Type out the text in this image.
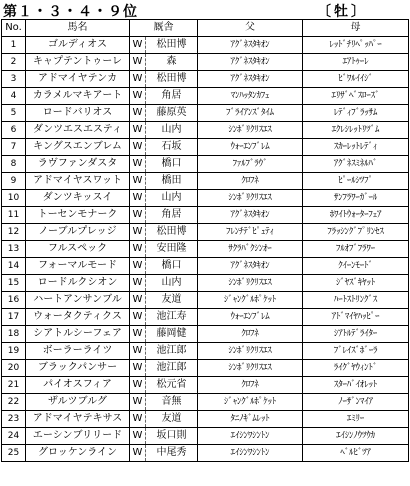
第１・３・４・９位	〔牡〕
No.	馬名	厩舎		父	母
1	ゴルディオス	W	松田博	ｱｸﾞﾈｽﾀｷｵﾝ	ﾚｯﾄﾞﾁﾘﾍﾟｯﾊﾟｰ
2	キャプテントゥーレ	W	森	ｱｸﾞﾈｽﾀｷｵﾝ	ｴｱﾄｩｰﾚ
3	アドマイヤテンカ	W	松田博	ｱｸﾞﾈｽﾀｷｵﾝ	ﾋﾞﾜﾙｲｲｼﾞ
4	カラメルマキアート	W	角居	ﾏﾝﾊｯﾀﾝｶﾌｪ	ｴﾘｻﾞﾍﾞｽﾛｰｽﾞ
5	ロードバリオス	W	藤原英	ﾌﾞﾗｲｱﾝｽﾞﾀｲﾑ	ﾚﾃﾞｨﾌﾞﾗｯｻﾑ
6	ダンツエスエスティ	W	山内	ｼﾝﾎﾞﾘｸﾘｽｴｽ	ｴｸﾚｼﾚｯﾄﾘﾂﾞﾑ
7	キングスエンブレム	W	石坂	ｳｫｰｴﾝﾌﾞﾚﾑ	ｽｶｰﾚｯﾄﾚﾃﾞｨ
8	ラヴファンダスタ	W	橋口	ﾌｧﾙﾌﾞﾗｳﾞ	ｱｸﾞﾈｽﾐﾈﾙﾊﾞ
9	アドマイヤスワット	W	橋田	ｸﾛﾌﾈ	ﾋﾟｰﾙｼﾂﾌﾟ
10	ダンツキッスイ	W	山内	ｼﾝﾎﾞﾘｸﾘｽｴｽ	ｻﾝﾌﾗﾜｰｶﾞｰﾙ
11	トーセンモナーク	W	角居	ｱｸﾞﾈｽﾀｷｵﾝ	ﾎﾜｲﾄｳｫｰﾀｰﾌｪｱ
12	ノーブルプレッジ	W	松田博	ﾌﾚﾝﾁﾃﾞﾋﾟｭﾃｨ	ﾌﾗｯｼﾝｸﾞﾌﾟﾘﾝｾｽ
13	フルスペック	W	安田隆	ｻｸﾗﾊﾞｸｼﾝｵｰ	ﾌﾙｵﾌﾞﾌﾗﾜｰ
14	フォーマルモード	W	橋口	ｱｸﾞﾈｽﾀｷｵﾝ	ｸｲｰﾝﾓｰﾄﾞ
15	ロードルクシオン	W	山内	ｼﾝﾎﾞﾘｸﾘｽｴｽ	ｼﾞﾔｽﾞｷﾔｯﾄ
16	ハートアンサンブル	W	友道	ｼﾞｬﾝｸﾞﾙﾎﾟｹｯﾄ	ﾊｰﾄｽﾄﾘﾝｸﾞｽ
17	ウォータクティクス	W	池江寿	ｳｫｰｴﾝﾌﾞﾚﾑ	ｱﾄﾞﾏｲﾔﾊｯﾋﾟｰ
18	シアトルシーフェア	W	藤岡健	ｸﾛﾌﾈ	ｼｱﾄﾙﾃﾞﾗｲﾀｰ
19	ボーラーライツ	W	池江郎	ｼﾝﾎﾞﾘｸﾘｽｴｽ	ﾌﾞﾚｲｽﾞﾎﾞｰﾗ
20	ブラックパンサー	W	池江郎	ｼﾝﾎﾞﾘｸﾘｽｴｽ	ﾗｲｸﾞﾔｳｨﾝﾄﾞ
21	パイオスフィア	W	松元省	ｸﾛﾌﾈ	ｽﾀｰﾊﾞｲｵﾚｯﾄ
22	ザルツブルグ	W	音無	ｼﾞｬﾝｸﾞﾙﾎﾟｹｯﾄ	ﾉｰｻﾞﾝﾏｲｱ
23	アドマイヤテキサス	W	友道	ﾀﾆﾉｷﾞﾑﾚｯﾄ	ｴﾐﾘｰ
24	エーシンブリリード	W	坂口則	ｴｲｼﾝﾜｼﾝﾄﾝ	ｴｲｼﾝﾉｳﾂｳｶ
25	グロッケンライン	W	中尾秀	ｴｲｼﾝﾜｼﾝﾄﾝ	ﾍﾞﾙﾋﾞﾂｱ
